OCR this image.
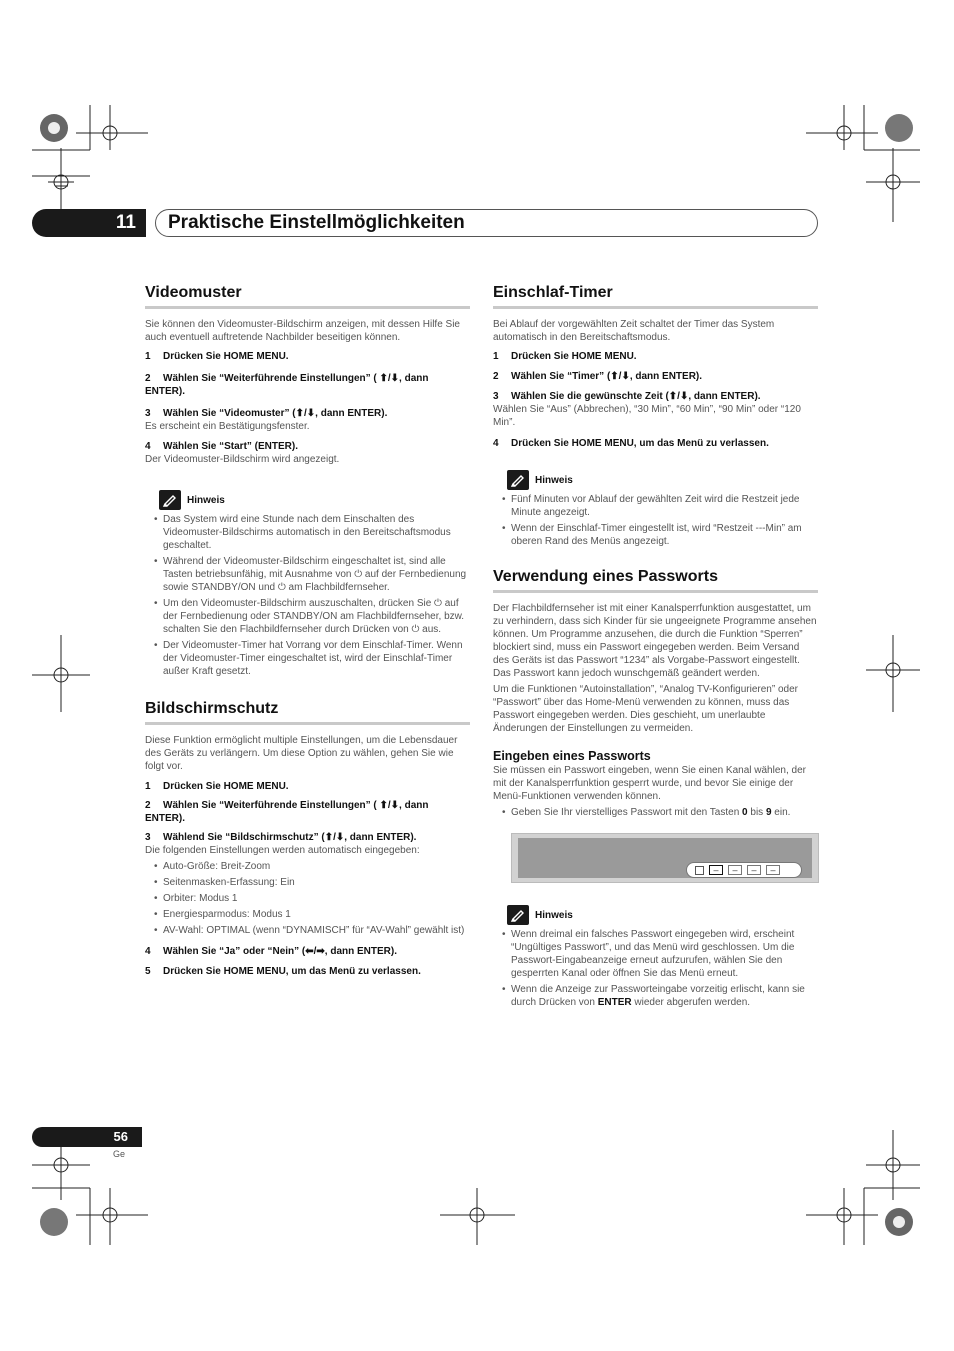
11 Praktische Einstellmöglichkeiten
Videomuster

Sie können den Videomuster-Bildschirm anzeigen, mit dessen Hilfe Sie auch eventuell auftretende Nachbilder beseitigen können.

1 Drücken Sie HOME MENU.
2 Wählen Sie “Weiterführende Einstellungen” ( ⬆/⬇, dann ENTER).
3 Wählen Sie “Videomuster” (⬆/⬇, dann ENTER).
Es erscheint ein Bestätigungsfenster.
4 Wählen Sie “Start” (ENTER).
Der Videomuster-Bildschirm wird angezeigt.
Hinweis
• Das System wird eine Stunde nach dem Einschalten des Videomuster-Bildschirms automatisch in den Bereitschaftsmodus geschaltet.
• Während der Videomuster-Bildschirm eingeschaltet ist, sind alle Tasten betriebsunfähig, mit Ausnahme von ⏻ auf der Fernbedienung sowie STANDBY/ON und ⏻ am Flachbildfernseher.
• Um den Videomuster-Bildschirm auszuschalten, drücken Sie ⏻ auf der Fernbedienung oder STANDBY/ON am Flachbildfernseher, bzw. schalten Sie den Flachbildfernseher durch Drücken von ⏻ aus.
• Der Videomuster-Timer hat Vorrang vor dem Einschlaf-Timer. Wenn der Videomuster-Timer eingeschaltet ist, wird der Einschlaf-Timer außer Kraft gesetzt.
Bildschirmschutz

Diese Funktion ermöglicht multiple Einstellungen, um die Lebensdauer des Geräts zu verlängern. Um diese Option zu wählen, gehen Sie wie folgt vor.

1 Drücken Sie HOME MENU.
2 Wählen Sie “Weiterführende Einstellungen” ( ⬆/⬇, dann ENTER).
3 Wählend Sie “Bildschirmschutz” (⬆/⬇, dann ENTER).
Die folgenden Einstellungen werden automatisch eingegeben:
• Auto-Größe: Breit-Zoom
• Seitenmasken-Erfassung: Ein
• Orbiter: Modus 1
• Energiesparmodus: Modus 1
• AV-Wahl: OPTIMAL (wenn “DYNAMISCH” für “AV-Wahl” gewählt ist)
4 Wählen Sie “Ja” oder “Nein” (⬅/➡, dann ENTER).
5 Drücken Sie HOME MENU, um das Menü zu verlassen.
Einschlaf-Timer

Bei Ablauf der vorgewählten Zeit schaltet der Timer das System automatisch in den Bereitschaftsmodus.

1 Drücken Sie HOME MENU.
2 Wählen Sie “Timer” (⬆/⬇, dann ENTER).
3 Wählen Sie die gewünschte Zeit (⬆/⬇, dann ENTER).
Wählen Sie “Aus” (Abbrechen), “30 Min”, “60 Min”, “90 Min” oder “120 Min”.
4 Drücken Sie HOME MENU, um das Menü zu verlassen.
Hinweis
• Fünf Minuten vor Ablauf der gewählten Zeit wird die Restzeit jede Minute angezeigt.
• Wenn der Einschlaf-Timer eingestellt ist, wird “Restzeit ---Min” am oberen Rand des Menüs angezeigt.
Verwendung eines Passworts

Der Flachbildfernseher ist mit einer Kanalsperrfunktion ausgestattet, um zu verhindern, dass sich Kinder für sie ungeeignete Programme ansehen können. Um Programme anzusehen, die durch die Funktion “Sperren” blockiert sind, muss ein Passwort eingegeben werden. Beim Versand des Geräts ist das Passwort “1234” als Vorgabe-Passwort eingestellt. Das Passwort kann jedoch wunschgemäß geändert werden.

Um die Funktionen “Autoinstallation”, “Analog TV-Konfigurieren” oder “Passwort” über das Home-Menü verwenden zu können, muss das Passwort eingegeben werden. Dies geschieht, um unerlaubte Änderungen der Einstellungen zu vermeiden.

Eingeben eines Passworts

Sie müssen ein Passwort eingeben, wenn Sie einen Kanal wählen, der mit der Kanalsperrfunktion gesperrt wurde, und bevor Sie einige der Menü-Funktionen verwenden können.

• Geben Sie Ihr vierstelliges Passwort mit den Tasten 0 bis 9 ein.
–	–	–	–
Hinweis
• Wenn dreimal ein falsches Passwort eingegeben wird, erscheint “Ungültiges Passwort”, und das Menü wird geschlossen. Um die Passwort-Eingabeanzeige erneut aufzurufen, wählen Sie den gesperrten Kanal oder öffnen Sie das Menü erneut.
• Wenn die Anzeige zur Passworteingabe vorzeitig erlischt, kann sie durch Drücken von ENTER wieder abgerufen werden.
56
Ge
